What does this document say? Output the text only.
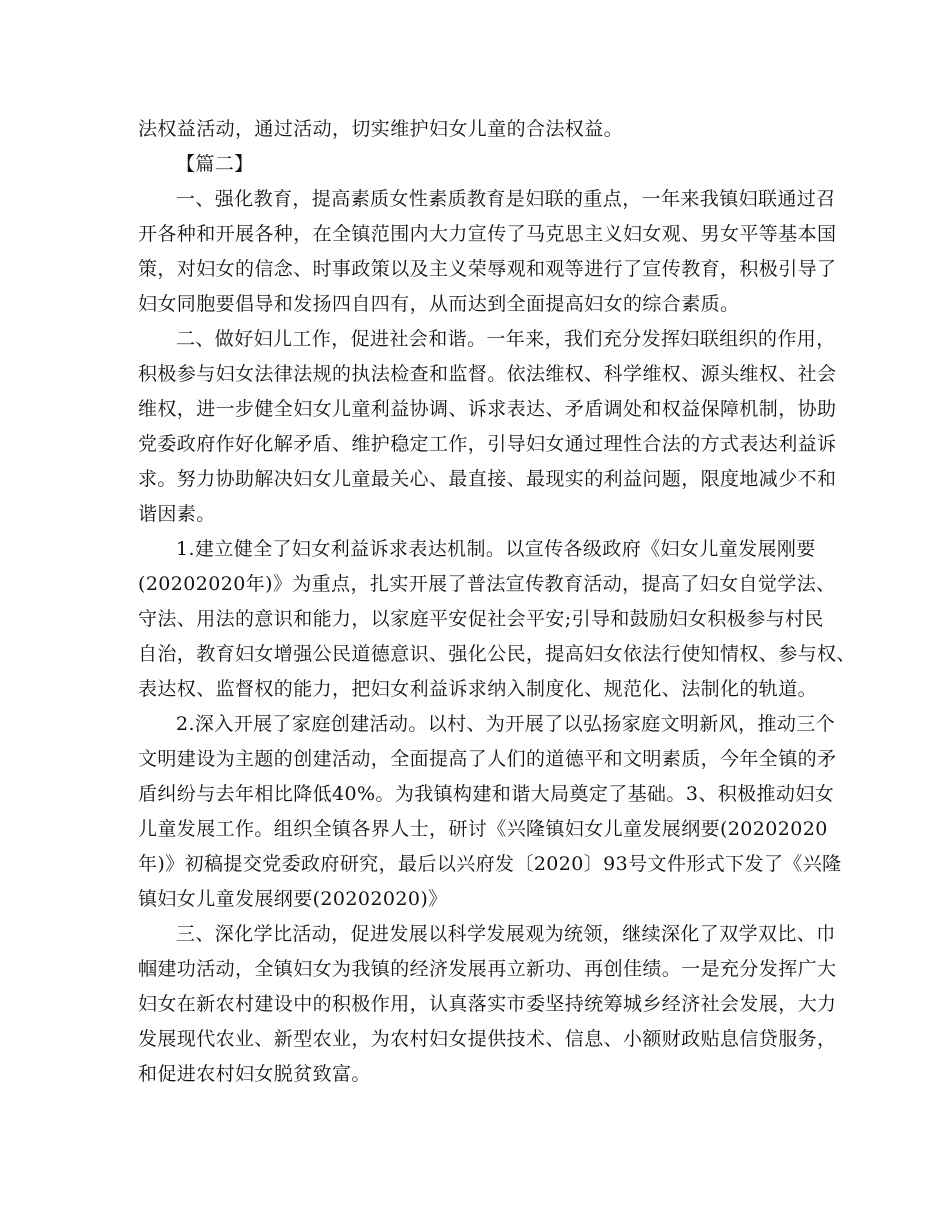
法权益活动，通过活动，切实维护妇女儿童的合法权益。
【篇二】
一、强化教育，提高素质女性素质教育是妇联的重点，一年来我镇妇联通过召
开各种和开展各种，在全镇范围内大力宣传了马克思主义妇女观、男女平等基本国
策，对妇女的信念、时事政策以及主义荣辱观和观等进行了宣传教育，积极引导了
妇女同胞要倡导和发扬四自四有，从而达到全面提高妇女的综合素质。
二、做好妇儿工作，促进社会和谐。一年来，我们充分发挥妇联组织的作用，
积极参与妇女法律法规的执法检查和监督。依法维权、科学维权、源头维权、社会
维权，进一步健全妇女儿童利益协调、诉求表达、矛盾调处和权益保障机制，协助
党委政府作好化解矛盾、维护稳定工作，引导妇女通过理性合法的方式表达利益诉
求。努力协助解决妇女儿童最关心、最直接、最现实的利益问题，限度地减少不和
谐因素。
1.建立健全了妇女利益诉求表达机制。以宣传各级政府《妇女儿童发展刚要
(20202020年)》为重点，扎实开展了普法宣传教育活动，提高了妇女自觉学法、
守法、用法的意识和能力，以家庭平安促社会平安;引导和鼓励妇女积极参与村民
自治，教育妇女增强公民道德意识、强化公民，提高妇女依法行使知情权、参与权、
表达权、监督权的能力，把妇女利益诉求纳入制度化、规范化、法制化的轨道。
2.深入开展了家庭创建活动。以村、为开展了以弘扬家庭文明新风，推动三个
文明建设为主题的创建活动，全面提高了人们的道德平和文明素质，今年全镇的矛
盾纠纷与去年相比降低40%。为我镇构建和谐大局奠定了基础。3、积极推动妇女
儿童发展工作。组织全镇各界人士，研讨《兴隆镇妇女儿童发展纲要(20202020
年)》初稿提交党委政府研究，最后以兴府发〔2020〕93号文件形式下发了《兴隆
镇妇女儿童发展纲要(20202020)》
三、深化学比活动，促进发展以科学发展观为统领，继续深化了双学双比、巾
帼建功活动，全镇妇女为我镇的经济发展再立新功、再创佳绩。一是充分发挥广大
妇女在新农村建设中的积极作用，认真落实市委坚持统筹城乡经济社会发展，大力
发展现代农业、新型农业，为农村妇女提供技术、信息、小额财政贴息信贷服务，
和促进农村妇女脱贫致富。
